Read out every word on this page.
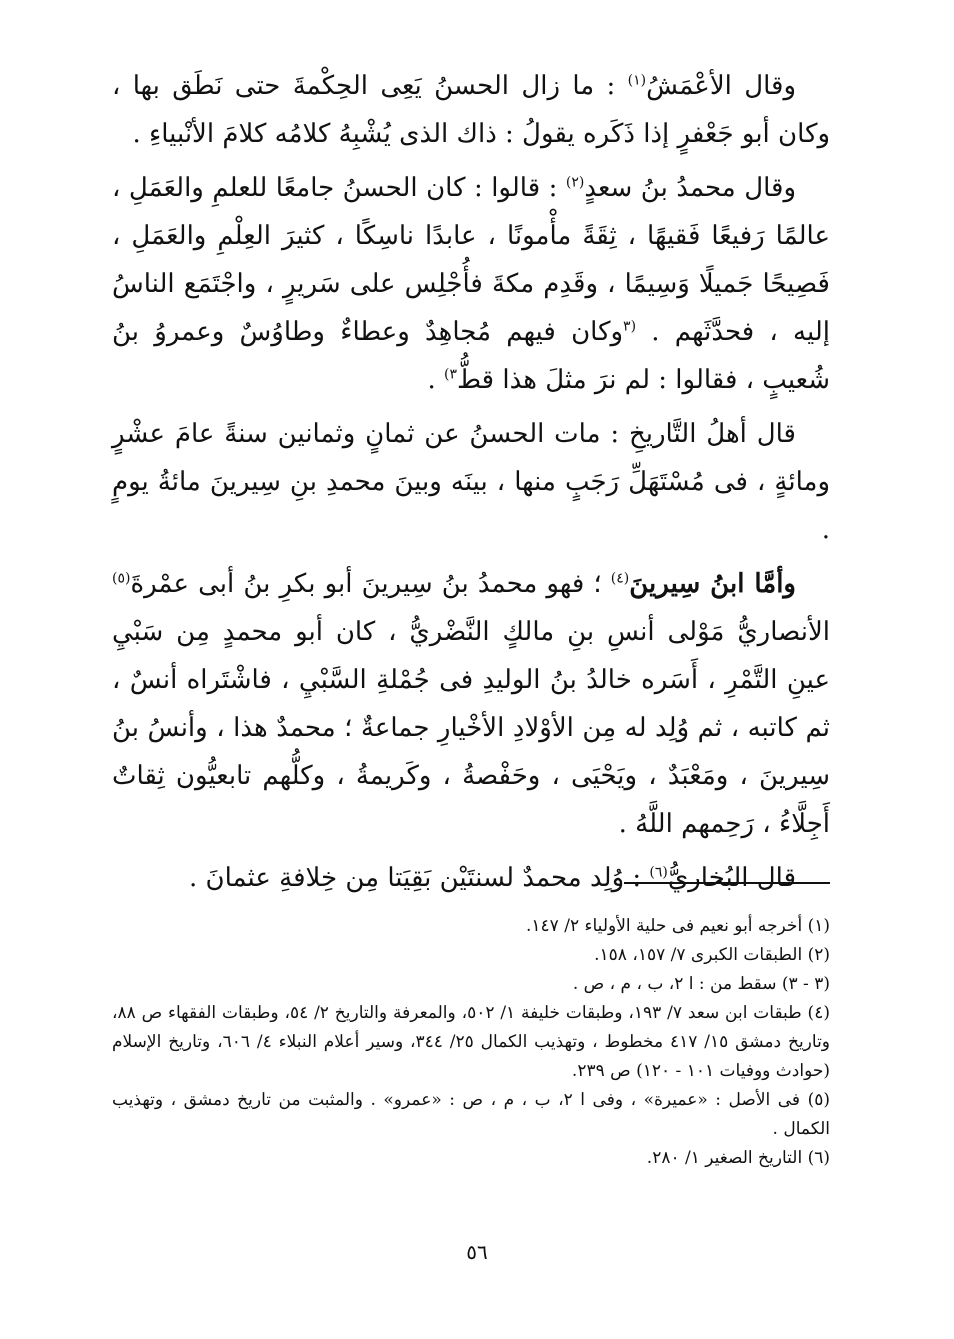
وقال الأعْمَشُ$^{(١)}$ : ما زال الحسنُ يَعِى الحِكْمةَ حتى نَطَق بها ، وكان أبو جَعْفرٍ إذا ذَكَره يقولُ : ذاك الذى يُشْبِهُ كلامُه كلامَ الأنْبياءِ .

وقال محمدُ بنُ سعدٍ$^{(٢)}$ : قالوا : كان الحسنُ جامعًا للعلمِ والعَمَلِ ، عالمًا رَفيعًا فَقيهًا ، ثِقَةً مأْمونًا ، عابدًا ناسِكًا ، كثيرَ العِلْمِ والعَمَلِ ، فَصِيحًا جَميلًا وَسِيمًا ، وقَدِم مكةَ فأُجْلِس على سَريرٍ ، واجْتَمَع الناسُ إليه ، فحدَّثَهم . $^{(٣}$وكان فيهم مُجاهِدٌ وعطاءٌ وطاوُسٌ وعمروُ بنُ شُعيبٍ ، فقالوا : لم نرَ مثلَ هذا قطُّ$^{٣)}$ .

قال أهلُ التَّاريخِ : مات الحسنُ عن ثمانٍ وثمانين سنةً عامَ عشْرٍ ومائةٍ ، فى مُسْتَهَلِّ رَجَبٍ منها ، بينَه وبينَ محمدِ بنِ سِيرينَ مائةُ يومٍ .

وأمَّا ابنُ سِيرينَ$^{(٤)}$ ؛ فهو محمدُ بنُ سِيرينَ أبو بكرِ بنُ أبى عمْرةَ$^{(٥)}$ الأنصاريُّ مَوْلى أنسِ بنِ مالكٍ النَّضْريُّ ، كان أبو محمدٍ مِن سَبْيِ عينِ التَّمْرِ ، أَسَره خالدُ بنُ الوليدِ فى جُمْلةِ السَّبْيِ ، فاشْتَراه أنسٌ ، ثم كاتبه ، ثم وُلِد له مِن الأوْلادِ الأخْيارِ جماعةٌ ؛ محمدٌ هذا ، وأنسُ بنُ سِيرينَ ، ومَعْبَدٌ ، ويَحْيَى ، وحَفْصةُ ، وكَريمةُ ، وكلُّهم تابعيُّون ثِقاتٌ أَجِلَّاءُ ، رَحِمهم اللَّهُ .

قال البُخاريُّ$^{(٦)}$ : وُلِد محمدٌ لسنتَيْن بَقِيَتا مِن خِلافةِ عثمانَ .

(١) أخرجه أبو نعيم فى حلية الأولياء ٢/ ١٤٧.

(٢) الطبقات الكبرى ٧/ ١٥٧، ١٥٨.

(٣ - ٣) سقط من : ا ٢، ب ، م ، ص .

(٤) طبقات ابن سعد ٧/ ١٩٣، وطبقات خليفة ١/ ٥٠٢، والمعرفة والتاريخ ٢/ ٥٤، وطبقات الفقهاء ص ٨٨، وتاريخ دمشق ١٥/ ٤١٧ مخطوط ، وتهذيب الكمال ٢٥/ ٣٤٤، وسير أعلام النبلاء ٤/ ٦٠٦، وتاريخ الإسلام (حوادث ووفيات ١٠١ - ١٢٠) ص ٢٣٩.

(٥) فى الأصل : «عميرة» ، وفى ا ٢، ب ، م ، ص : «عمرو» . والمثبت من تاريخ دمشق ، وتهذيب الكمال .

(٦) التاريخ الصغير ١/ ٢٨٠.

٥٦
